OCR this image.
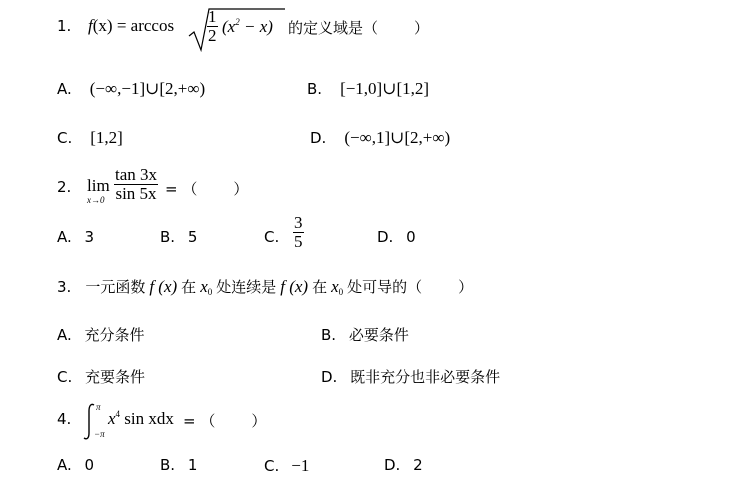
1. $f(x) = \arccos \frac{1}{2} (x^2 - x)$ 的定义域是（ ）
A. (−∞,−1]∪[2,+∞)	B. [−1,0]∪[1,2]
C. [1,2]	D. (−∞,1]∪[2,+∞)
2. lim
$x\to 0 \frac{\tan 3x}{\sin 5x}$ = （ ）
A. 3	B. 5	C. $\frac{3}{5}$	D. 0
3. 一元函数 f (x) 在 $x_0$ 处连续是 f (x) 在 $x_0$ 处可导的（ ）
A. 充分条件	B. 必要条件
C. 充要条件	D. 既非充分也非必要条件
4.
π
−π
$x^4$ sin xdx = （ ）
A. 0	B. 1	C. −1	D. 2
